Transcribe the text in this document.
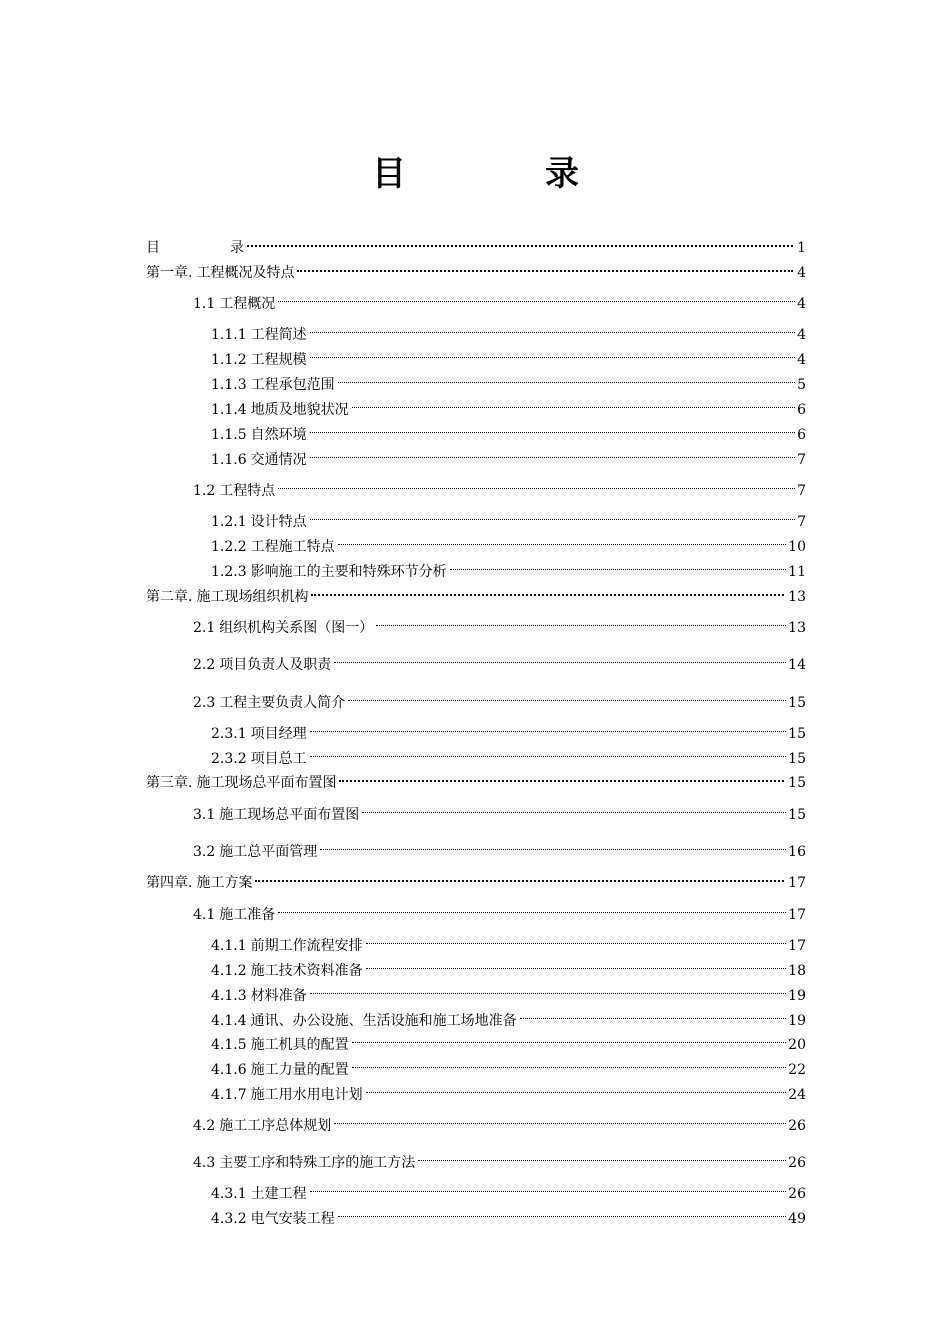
目	录
目	录	1
第一章. 工程概况及特点	4
1.1 工程概况	4
1.1.1 工程简述	4
1.1.2 工程规模	4
1.1.3 工程承包范围	5
1.1.4 地质及地貌状况	6
1.1.5 自然环境	6
1.1.6 交通情况	7
1.2 工程特点	7
1.2.1 设计特点	7
1.2.2 工程施工特点	10
1.2.3 影响施工的主要和特殊环节分析	11
第二章. 施工现场组织机构	13
2.1 组织机构关系图（图一）	13
2.2 项目负责人及职责	14
2.3 工程主要负责人简介	15
2.3.1 项目经理	15
2.3.2 项目总工	15
第三章. 施工现场总平面布置图	15
3.1 施工现场总平面布置图	15
3.2 施工总平面管理	16
第四章. 施工方案	17
4.1 施工准备	17
4.1.1 前期工作流程安排	17
4.1.2 施工技术资料准备	18
4.1.3 材料准备	19
4.1.4 通讯、办公设施、生活设施和施工场地准备	19
4.1.5 施工机具的配置	20
4.1.6 施工力量的配置	22
4.1.7 施工用水用电计划	24
4.2 施工工序总体规划	26
4.3 主要工序和特殊工序的施工方法	26
4.3.1 土建工程	26
4.3.2 电气安装工程	49
